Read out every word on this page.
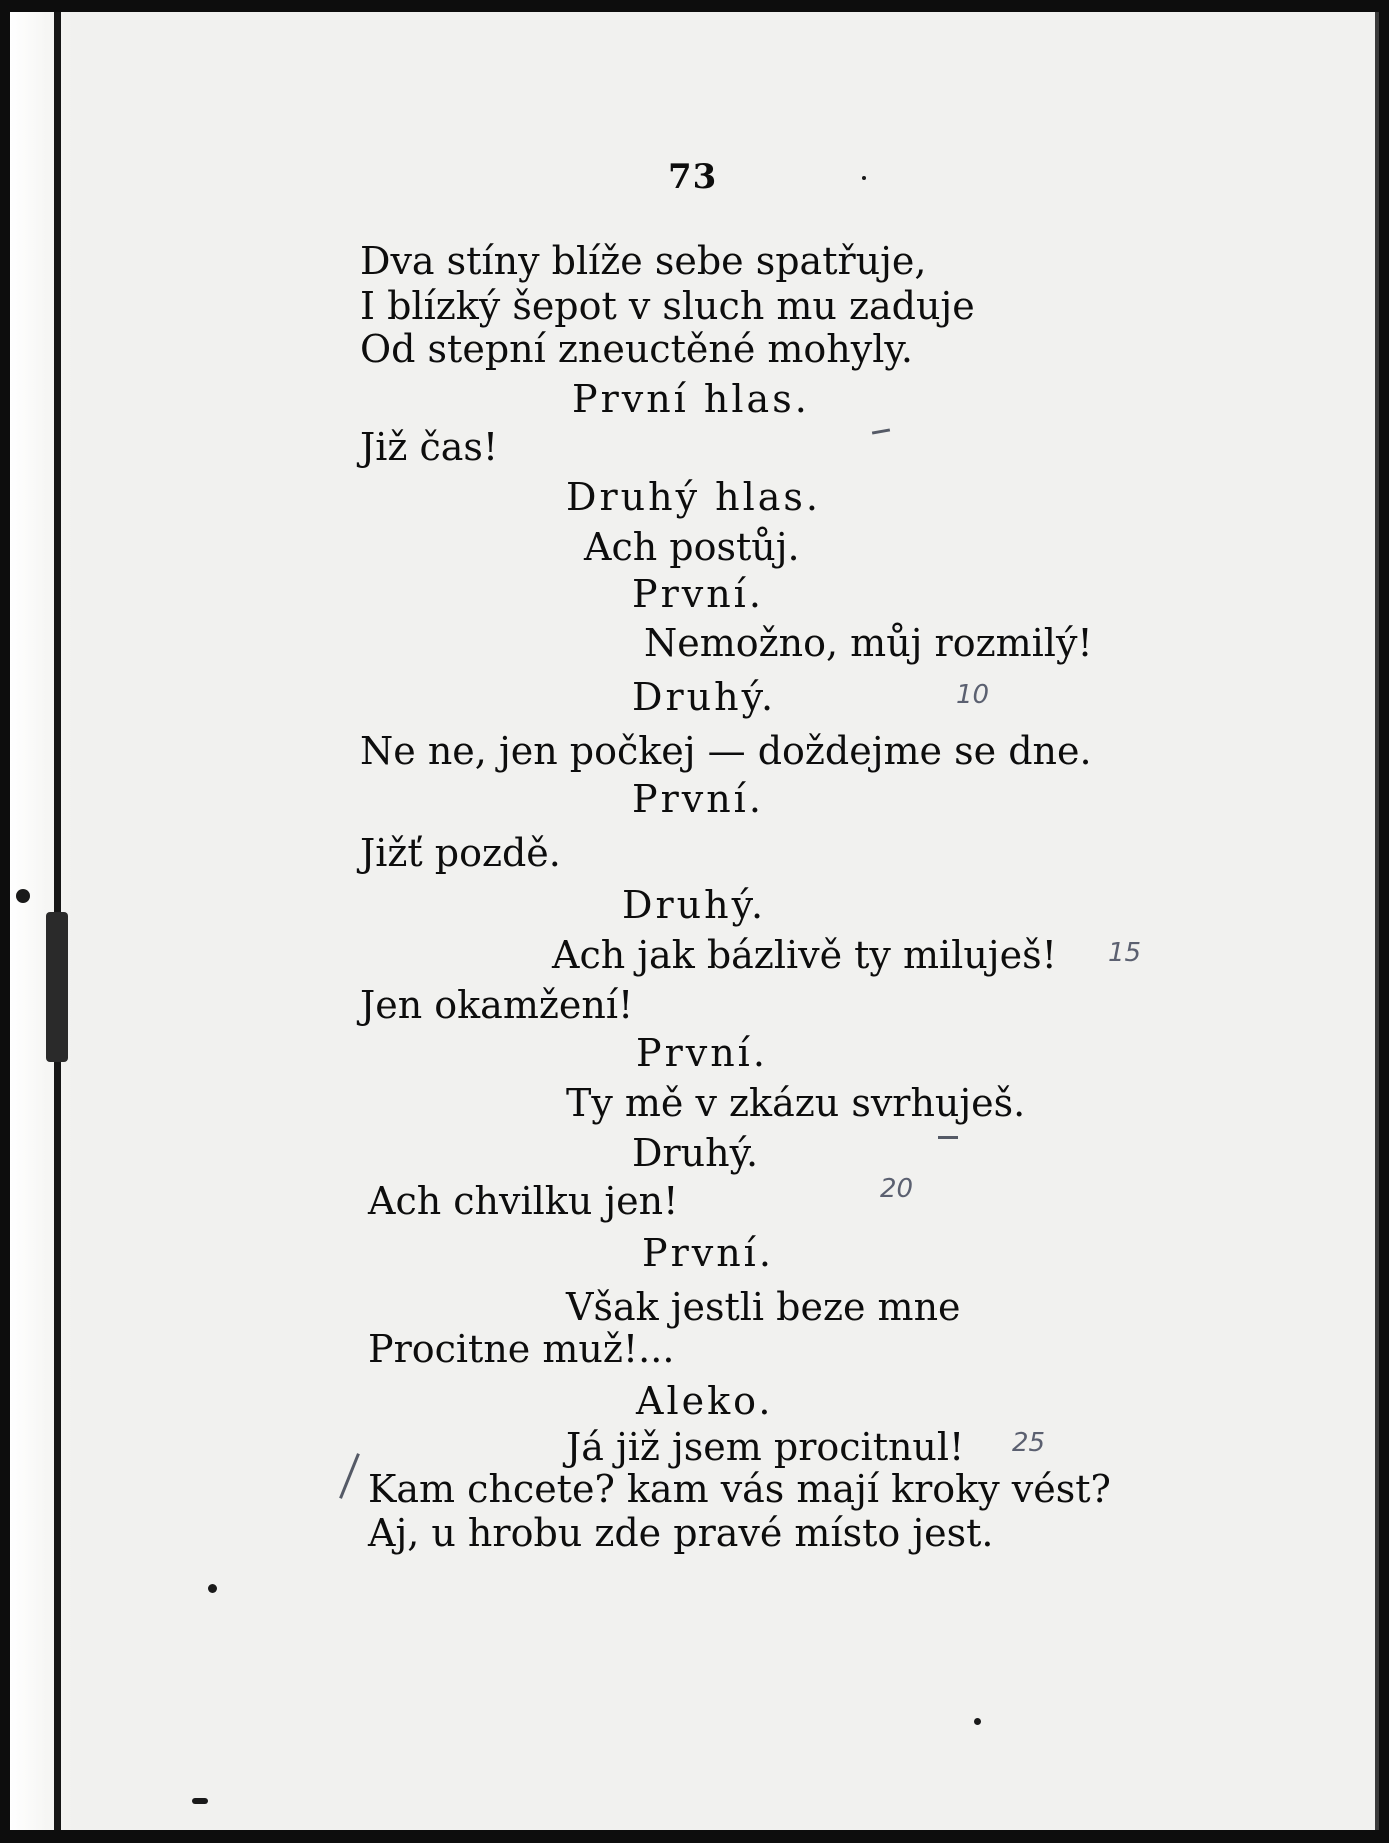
73
Dva stíny blíže sebe spatřuje,
I blízký šepot v sluch mu zaduje
Od stepní zneuctěné mohyly.
První hlas.
Již čas!
Druhý hlas.
Ach postůj.
První.
Nemožno, můj rozmilý!
Druhý.
Ne ne, jen počkej — doždejme se dne.
První.
Jižť pozdě.
Druhý.
Ach jak bázlivě ty miluješ!
Jen okamžení!
První.
Ty mě v zkázu svrhuješ.
Druhý.
Ach chvilku jen!
První.
Však jestli beze mne
Procitne muž!...
Aleko.
Já již jsem procitnul!
Kam chcete? kam vás mají kroky vést?
Aj, u hrobu zde pravé místo jest.
10
15
20
25
